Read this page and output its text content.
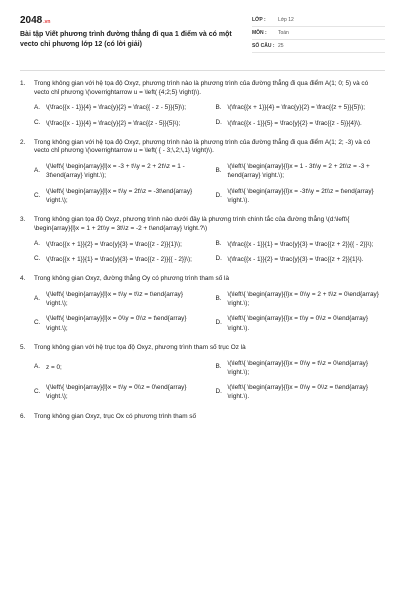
2048.vn
Bài tập Viết phương trình đường thẳng đi qua 1 điểm và có một vecto chỉ phương lớp 12 (có lời giải)
LỚP :	Lớp 12
MÔN :	Toán
SỐ CÂU : 25
1.	Trong không gian với hệ tọa độ Oxyz, phương trình nào là phương trình của đường thẳng đi qua điểm A(1; 0; 5) và có vecto chỉ phương \(\overrightarrow u = \left( {4;2;5} \right)\).
A. \(\frac{{x - 1}}{4} = \frac{y}{2} = \frac{{ - z - 5}}{5}\);	B. \(\frac{{x + 1}}{4} = \frac{y}{2} = \frac{{z + 5}}{5}\);
C. \(\frac{{x - 1}}{4} = \frac{y}{2} = \frac{{z - 5}}{5}\);	D. \(\frac{{x - 1}}{5} = \frac{y}{2} = \frac{{z - 5}}{4}\).
2.	Trong không gian với hệ tọa độ Oxyz, phương trình nào là phương trình của đường thẳng đi qua điểm A(1; 2; -3) và có vecto chỉ phương \(\overrightarrow u = \left( { - 3;\,2;\,1} \right)\).
A.
\(\left\{ \begin{array}{l}x = -3 + t\\y = 2 + 2t\\z = 1 - 3t\end{array} \right.\);
B.
\(\left\{ \begin{array}{l}x = 1 - 3t\\y = 2 + 2t\\z = -3 + t\end{array} \right.\);
C.
\(\left\{ \begin{array}{l}x = t\\y = 2t\\z = -3t\end{array} \right.\);
D.
\(\left\{ \begin{array}{l}x = -3t\\y = 2t\\z = t\end{array} \right.\).
3.	Trong không gian tọa độ Oxyz, phương trình nào dưới đây là phương trình chính tắc của đường thẳng \(d:\left\{ \begin{array}{l}x = 1 + 2t\\y = 3t\\z = -2 + t\end{array} \right.?\)
A. \(\frac{{x + 1}}{2} = \frac{y}{3} = \frac{{z - 2}}{1}\);	B. \(\frac{{x - 1}}{1} = \frac{y}{3} = \frac{{z + 2}}{{ - 2}}\);
C. \(\frac{{x + 1}}{1} = \frac{y}{3} = \frac{{z - 2}}{{ - 2}}\);	D. \(\frac{{x - 1}}{2} = \frac{y}{3} = \frac{{z + 2}}{1}\).
4.	Trong không gian Oxyz, đường thẳng Oy có phương trình tham số là
A.
\(\left\{ \begin{array}{l}x = t\\y = t\\z = t\end{array} \right.\);
B.
\(\left\{ \begin{array}{l}x = 0\\y = 2 + t\\z = 0\end{array} \right.\);
C.
\(\left\{ \begin{array}{l}x = 0\\y = 0\\z = t\end{array} \right.\);
D.
\(\left\{ \begin{array}{l}x = t\\y = 0\\z = 0\end{array} \right.\).
5.	Trong không gian với hệ trục tọa độ Oxyz, phương trình tham số trục Oz là
A. z = 0;	B.
\(\left\{ \begin{array}{l}x = 0\\y = t\\z = 0\end{array} \right.\);
C.
\(\left\{ \begin{array}{l}x = t\\y = 0\\z = 0\end{array} \right.\);
D.
\(\left\{ \begin{array}{l}x = 0\\y = 0\\z = t\end{array} \right.\).
6.	Trong không gian Oxyz, trục Ox có phương trình tham số
